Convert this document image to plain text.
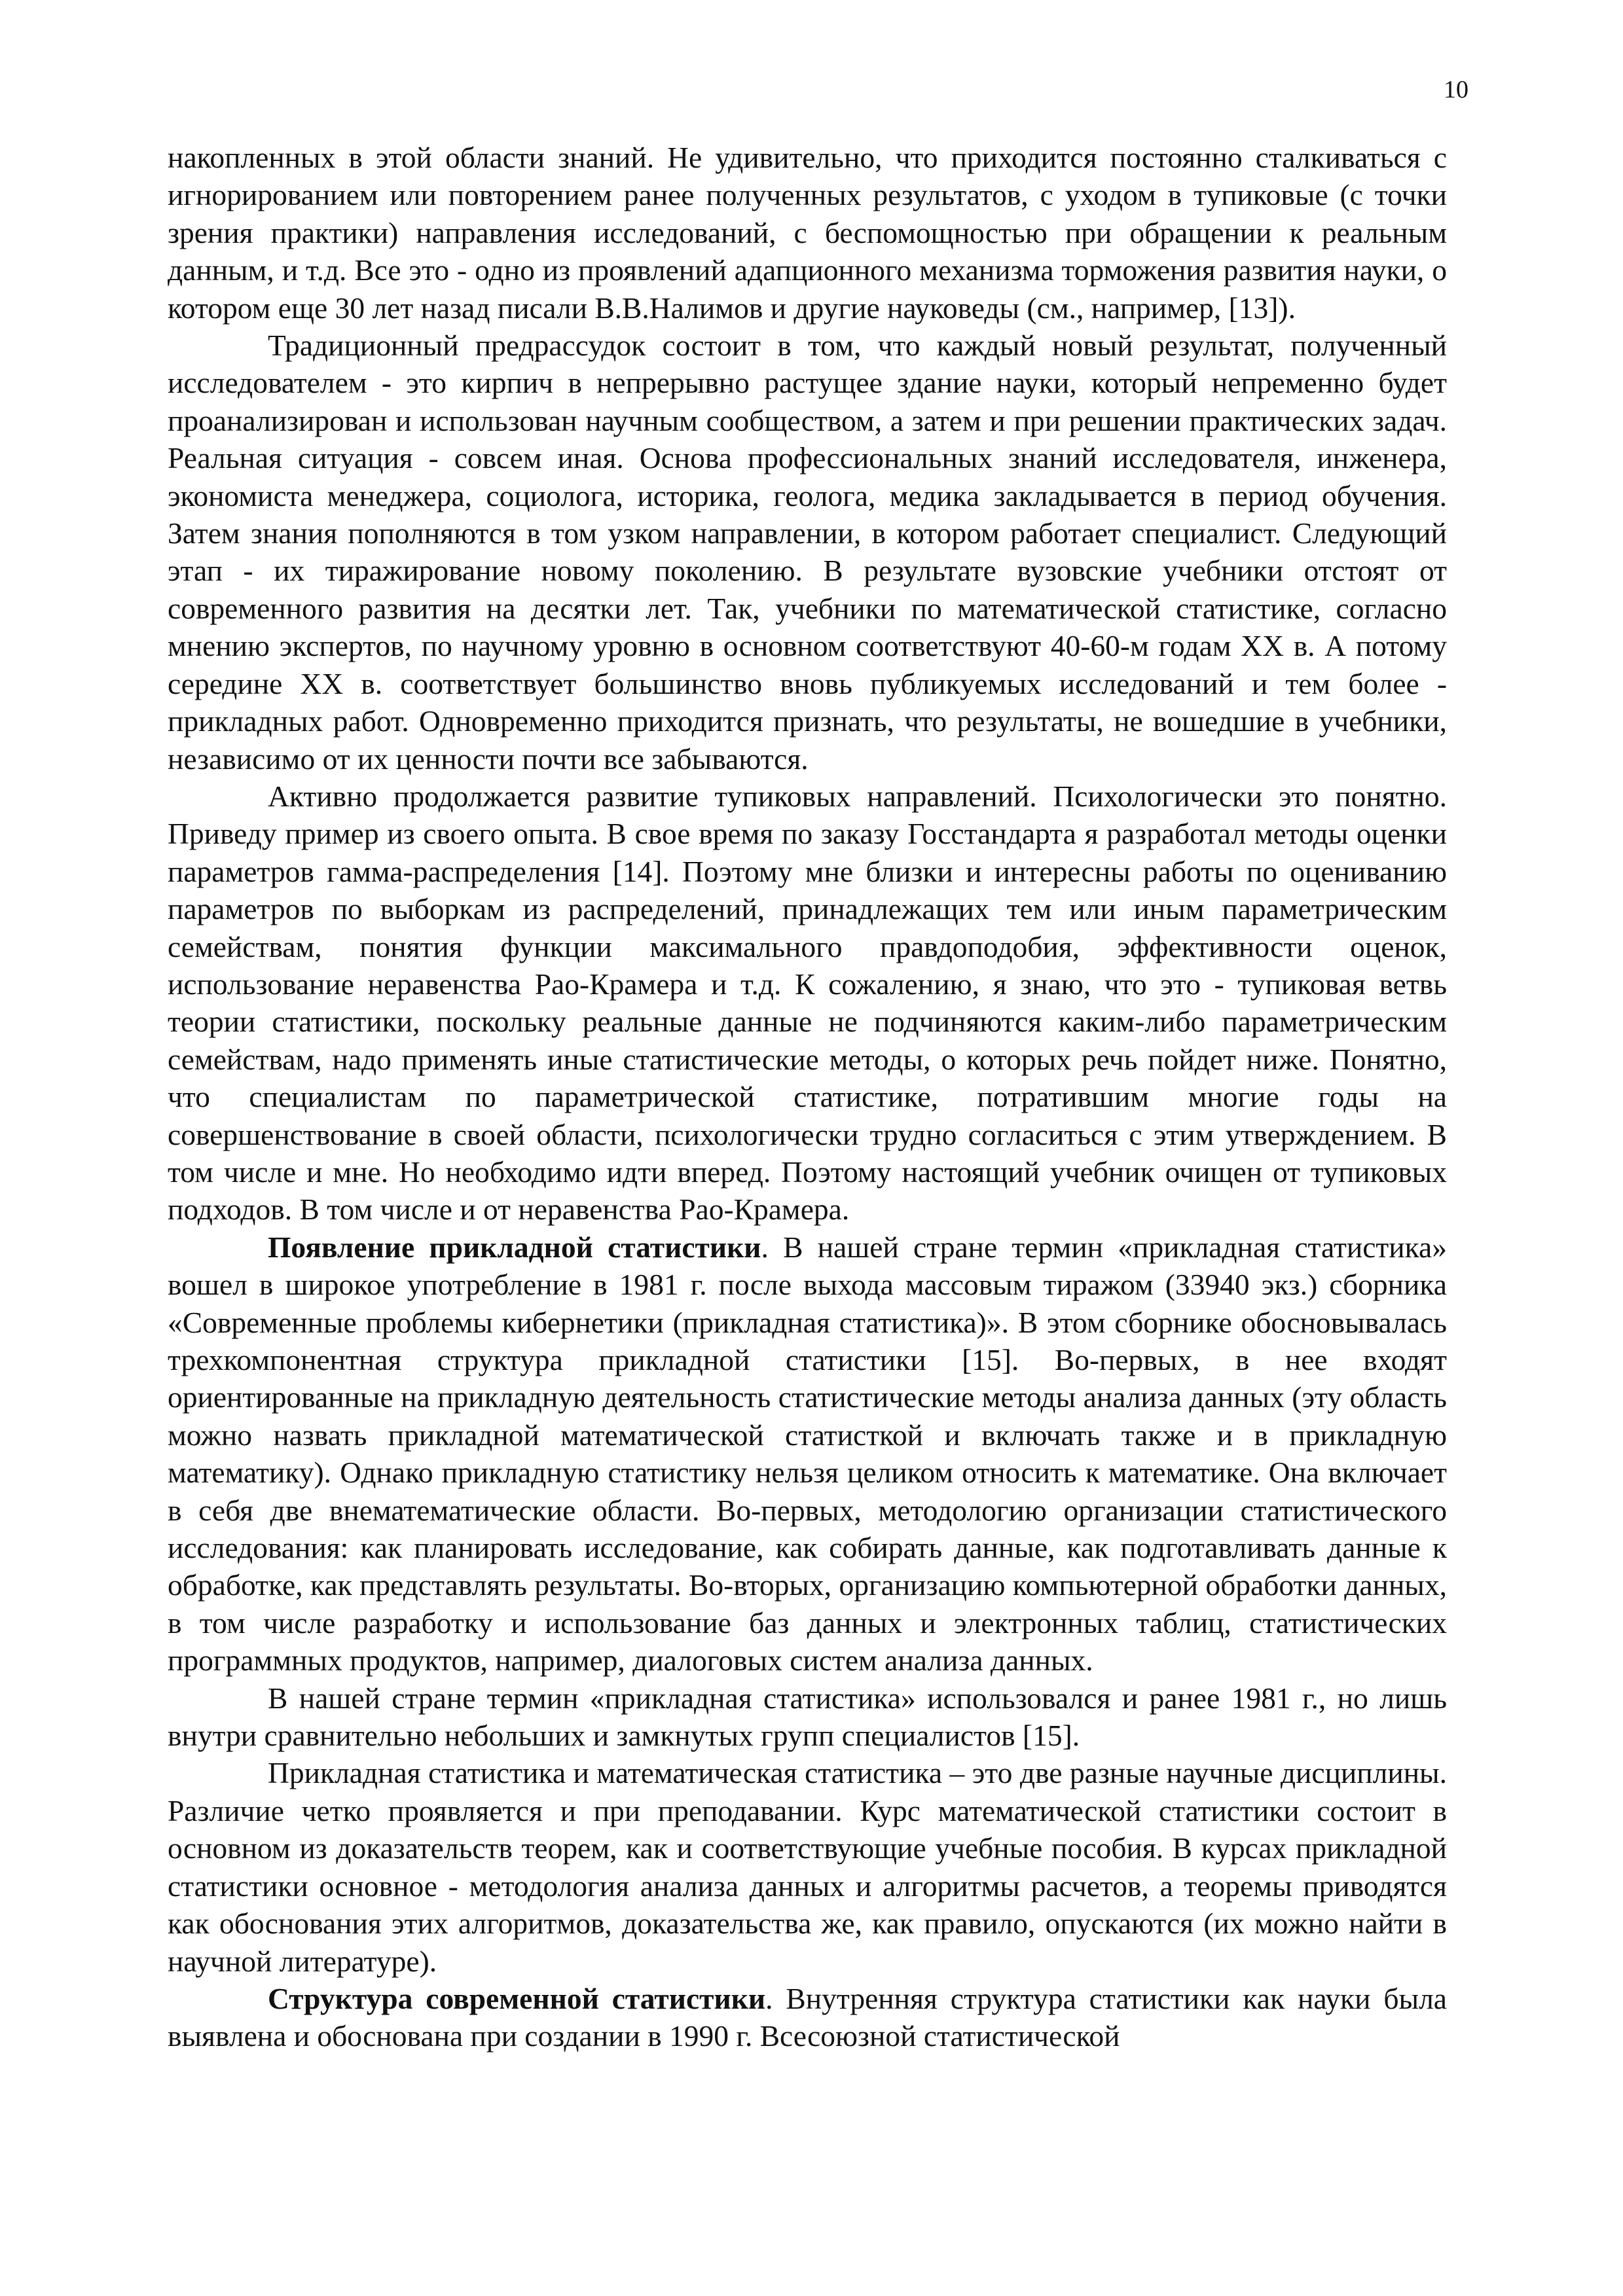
10

накопленных в этой области знаний. Не удивительно, что приходится постоянно сталкиваться с игнорированием или повторением ранее полученных результатов, с уходом в тупиковые (с точки зрения практики) направления исследований, с беспомощностью при обращении к реальным данным, и т.д. Все это - одно из проявлений адапционного механизма торможения развития науки, о котором еще 30 лет назад писали В.В.Налимов и другие науковеды (см., например, [13]).

Традиционный предрассудок состоит в том, что каждый новый результат, полученный исследователем - это кирпич в непрерывно растущее здание науки, который непременно будет проанализирован и использован научным сообществом, а затем и при решении практических задач. Реальная ситуация - совсем иная. Основа профессиональных знаний исследователя, инженера, экономиста менеджера, социолога, историка, геолога, медика закладывается в период обучения. Затем знания пополняются в том узком направлении, в котором работает специалист. Следующий этап - их тиражирование новому поколению. В результате вузовские учебники отстоят от современного развития на десятки лет. Так, учебники по математической статистике, согласно мнению экспертов, по научному уровню в основном соответствуют 40-60-м годам ХХ в. А потому середине ХХ в. соответствует большинство вновь публикуемых исследований и тем более - прикладных работ. Одновременно приходится признать, что результаты, не вошедшие в учебники, независимо от их ценности почти все забываются.

Активно продолжается развитие тупиковых направлений. Психологически это понятно. Приведу пример из своего опыта. В свое время по заказу Госстандарта я разработал методы оценки параметров гамма-распределения [14]. Поэтому мне близки и интересны работы по оцениванию параметров по выборкам из распределений, принадлежащих тем или иным параметрическим семействам, понятия функции максимального правдоподобия, эффективности оценок, использование неравенства Рао-Крамера и т.д. К сожалению, я знаю, что это - тупиковая ветвь теории статистики, поскольку реальные данные не подчиняются каким-либо параметрическим семействам, надо применять иные статистические методы, о которых речь пойдет ниже. Понятно, что специалистам по параметрической статистике, потратившим многие годы на совершенствование в своей области, психологически трудно согласиться с этим утверждением. В том числе и мне. Но необходимо идти вперед. Поэтому настоящий учебник очищен от тупиковых подходов. В том числе и от неравенства Рао-Крамера.

Появление прикладной статистики. В нашей стране термин «прикладная статистика» вошел в широкое употребление в 1981 г. после выхода массовым тиражом (33940 экз.) сборника «Современные проблемы кибернетики (прикладная статистика)». В этом сборнике обосновывалась трехкомпонентная структура прикладной статистики [15]. Во-первых, в нее входят ориентированные на прикладную деятельность статистические методы анализа данных (эту область можно назвать прикладной математической статисткой и включать также и в прикладную математику). Однако прикладную статистику нельзя целиком относить к математике. Она включает в себя две внематематические области. Во-первых, методологию организации статистического исследования: как планировать исследование, как собирать данные, как подготавливать данные к обработке, как представлять результаты. Во-вторых, организацию компьютерной обработки данных, в том числе разработку и использование баз данных и электронных таблиц, статистических программных продуктов, например, диалоговых систем анализа данных.

В нашей стране термин «прикладная статистика» использовался и ранее 1981 г., но лишь внутри сравнительно небольших и замкнутых групп специалистов [15].

Прикладная статистика и математическая статистика – это две разные научные дисциплины. Различие четко проявляется и при преподавании. Курс математической статистики состоит в основном из доказательств теорем, как и соответствующие учебные пособия. В курсах прикладной статистики основное - методология анализа данных и алгоритмы расчетов, а теоремы приводятся как обоснования этих алгоритмов, доказательства же, как правило, опускаются (их можно найти в научной литературе).

Структура современной статистики. Внутренняя структура статистики как науки была выявлена и обоснована при создании в 1990 г. Всесоюзной статистической
